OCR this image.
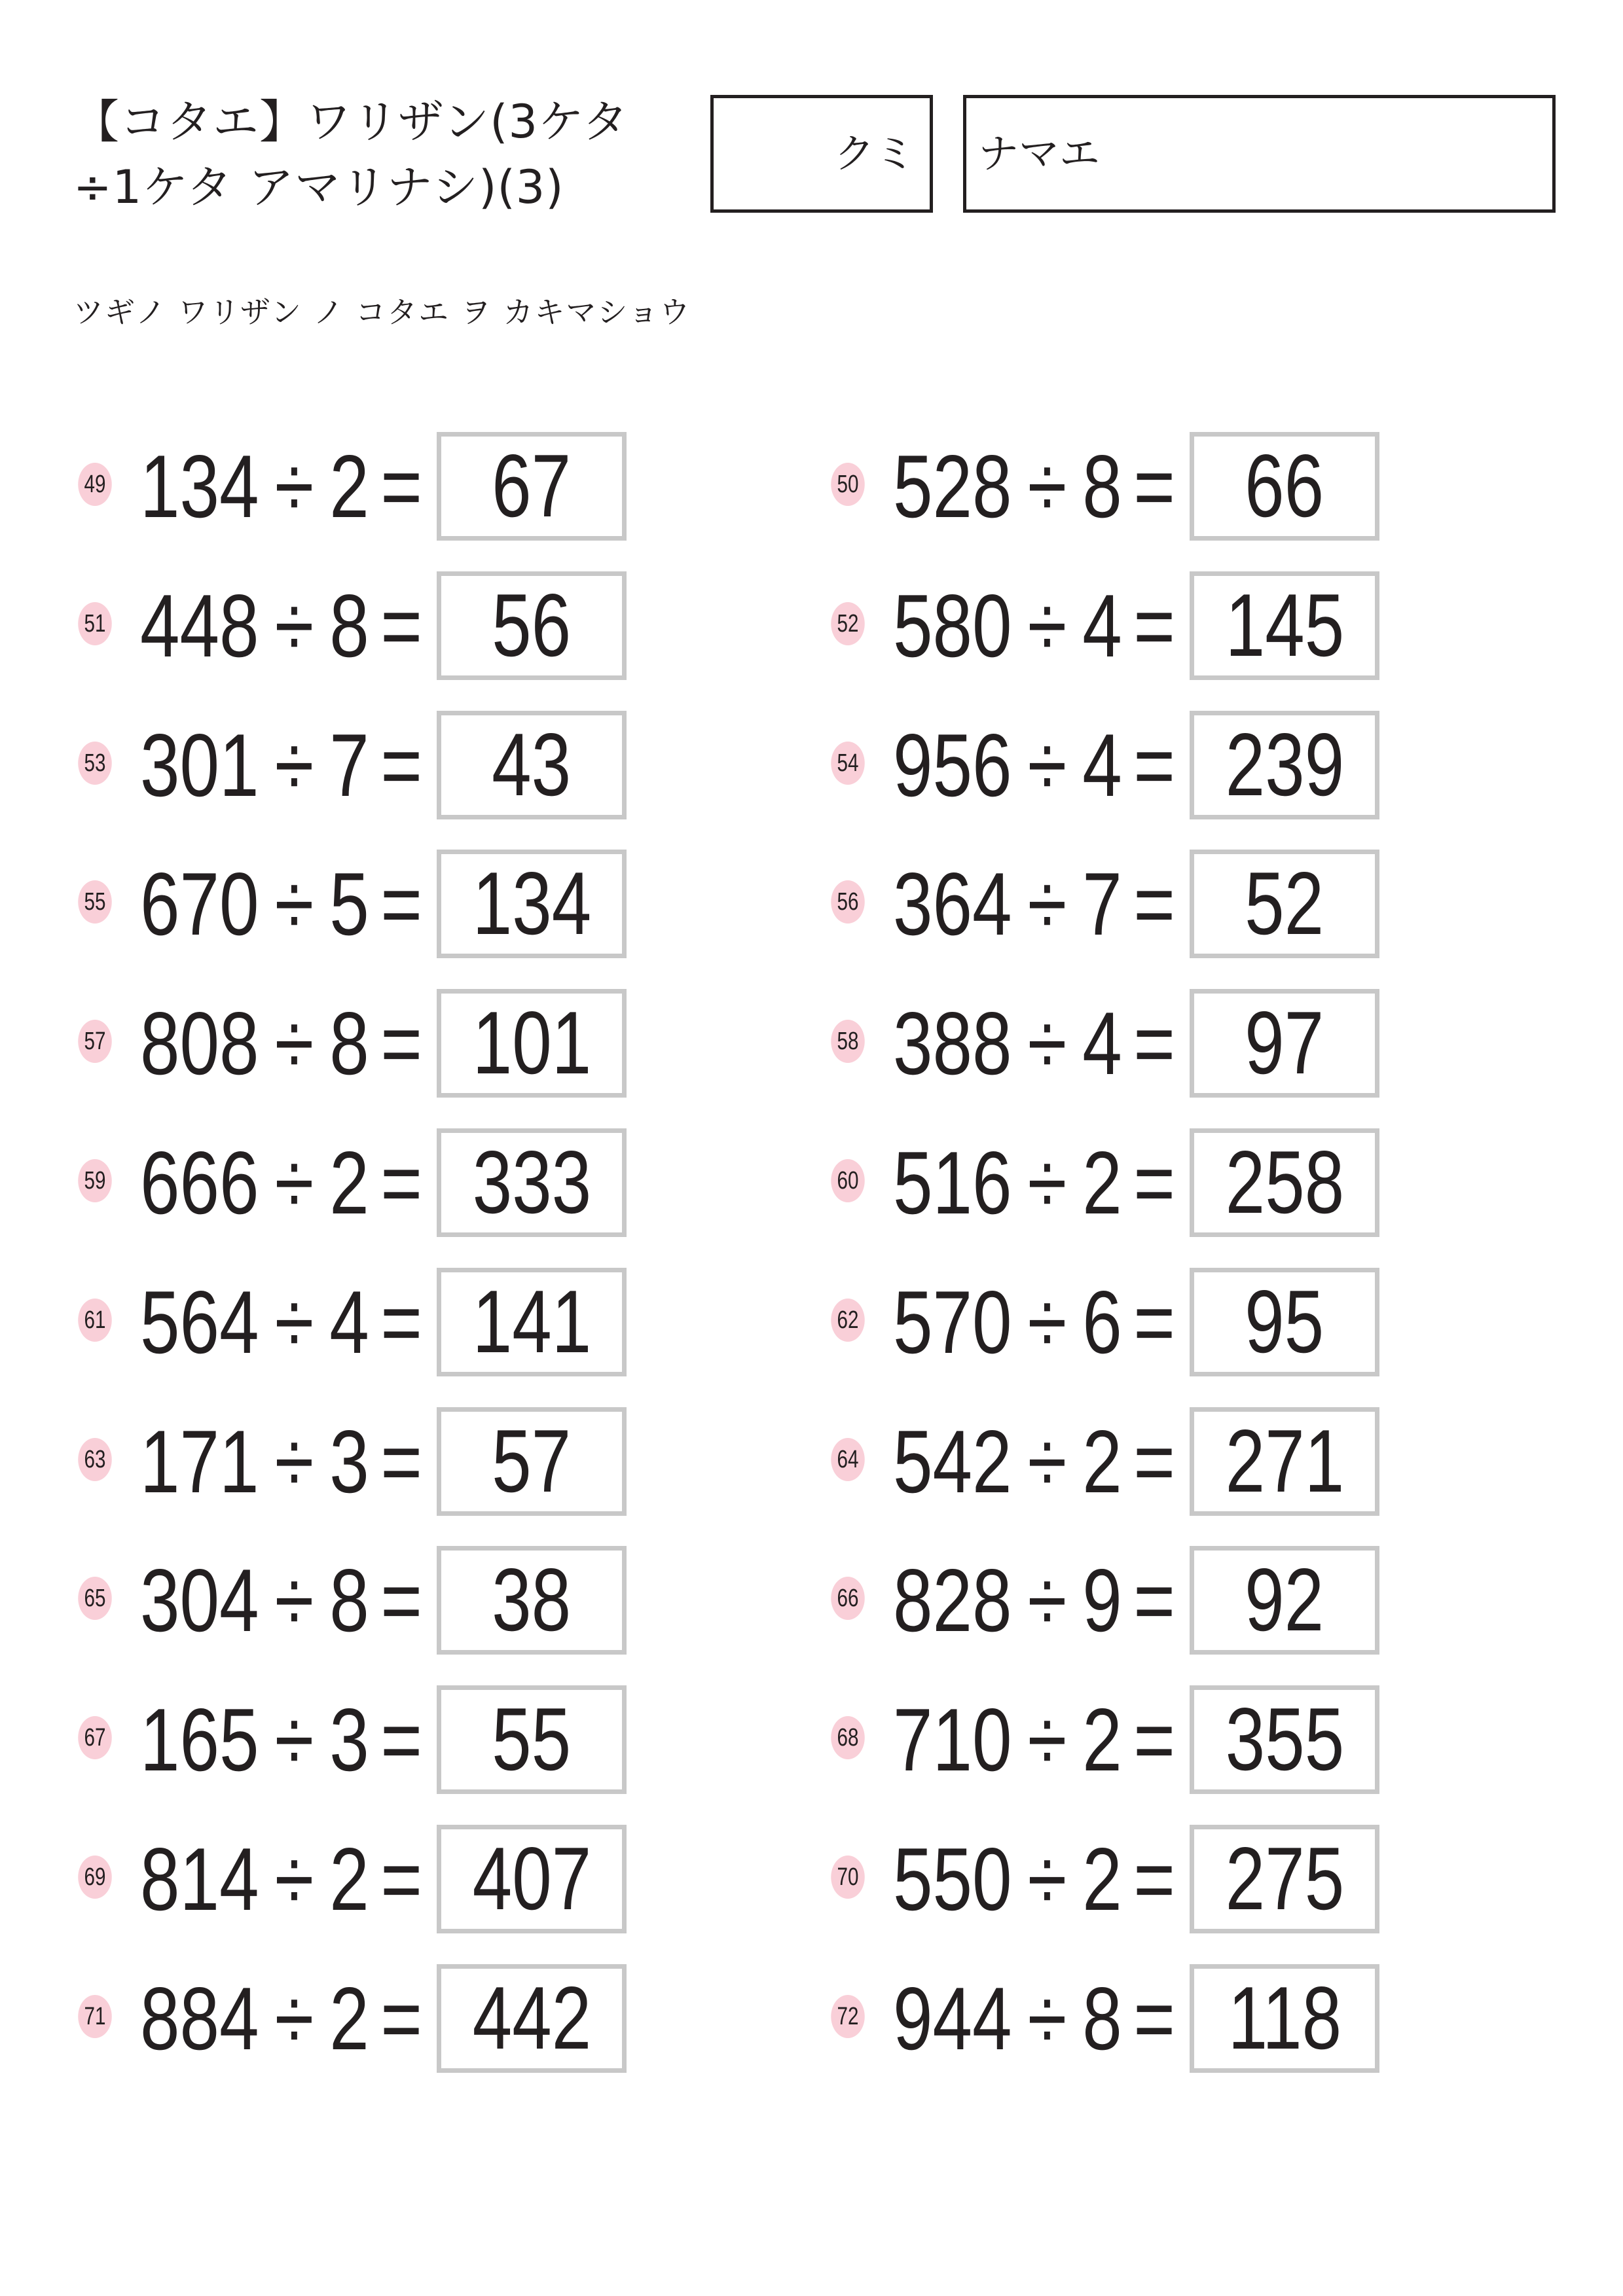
【コタエ】ワリザン(3ケタ÷1ケタ アマリナシ)(3)
ツギノ ワリザン ノ コタエ ヲ カキマショウ
クミ	ナマエ
49 134 ÷ 2 = 67	50 528 ÷ 8 = 66
51 448 ÷ 8 = 56	52 580 ÷ 4 = 145
53 301 ÷ 7 = 43	54 956 ÷ 4 = 239
55 670 ÷ 5 = 134	56 364 ÷ 7 = 52
57 808 ÷ 8 = 101	58 388 ÷ 4 = 97
59 666 ÷ 2 = 333	60 516 ÷ 2 = 258
61 564 ÷ 4 = 141	62 570 ÷ 6 = 95
63 171 ÷ 3 = 57	64 542 ÷ 2 = 271
65 304 ÷ 8 = 38	66 828 ÷ 9 = 92
67 165 ÷ 3 = 55	68 710 ÷ 2 = 355
69 814 ÷ 2 = 407	70 550 ÷ 2 = 275
71 884 ÷ 2 = 442	72 944 ÷ 8 = 118
